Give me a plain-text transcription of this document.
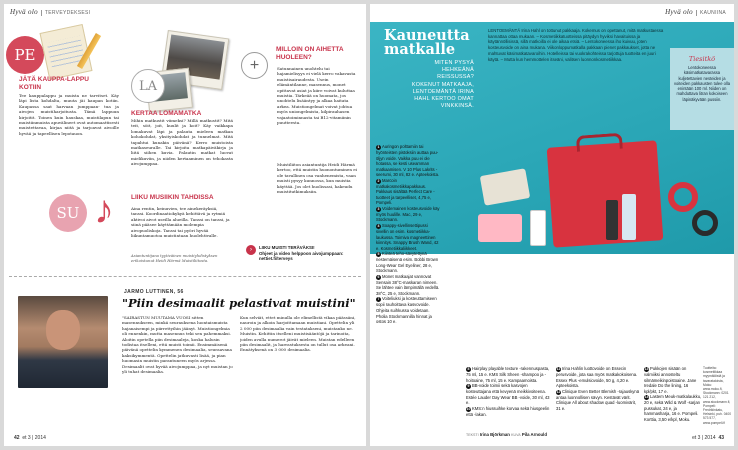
Hyvä olo TERVEYDEKSESI
PE
JÄTÄ KAUPPA-LAPPU KOTIIN
Tee kauppalappu ja muista ne tarvitset. Käy läpi lista kohdalta, muuta jäi kaupan kotiin. Kaupassa saat harvaan jumppaan- tua ja aivojen muistiharjoitusta. Tämä lappuun kirjoitit. Toinen kuin hauskaa, muistilapun tai muistiinmuista apuvälineet ovat automaattisesti muistettavaa, kirjaa niitä ja tarjoavat aivoille hyvää ja tapeellisen lepotauon.
LA
KERTAA LOMAMATKA
Mihin matkustit viimeksi? Millä matkustit? Mitä teit, söit, joit, kuulit ja koit? Käy vaikkapa lomakuvat läpi ja palauta mieleen matkan kohokohdat, yksityiskohdat ja tunnelmat. Mitä tapahtui kunakin päivänä? Kerro muistoista matkaseuralle. Tai kirjoita matkapäiväkirja ja liitä siihen kuvia. Palautin matkat luovat mielikuviin, ja niiden kertaaminen on tehokasta aivojumppaa.
+
MILLOIN ON AIHETTA HUOLEEN?
Satunnainen unohtelu tai hajamielisyys ei vielä kerro vakavasta muistisairaudesta. Usein elämäntilanne, masennus, monet opittavat asiat ja kiire voivat kuluttaa muistia. Tärkeää on huomata, jos unohtelu lisääntyy ja alkaa haitata arkea. Muistiongelmat voivat johtua myös uniongelmista, kilpirauhasen vajaatoiminnasta tai B12-vitamiinin puutteesta.
Muistiliiton asiantuntija Heidi Härmä kertoo, että muistin huonontuminen ei ole tavallinen osa vanhenemista, vaan muisti pysyy kunnossa, kun muistia käyttää. Jos olet huolissasi, hakeudu muistitutkimuksiin.
SU ♪	LIIKU MUSIIKIN TAHDISSA
Aina rentin, keinuvien, tee ainekeräyksiä, tanssi. Koordinaatiokykyä kehittävä ja rytmiä aktivoi aivot useilla alueilla. Tanssi on tanssi, ja siinä pääsee käyttämään molempia aivopuoliskoja. Tanssi tai pyöri hyvää liikuntamuotoa muistintaan huolehtivalle.
Asiantuntijana tyytiväinen muistiyhdistyksen erikoistunut Heidi Härmä Muistiliitosta.
›	LIIKU MUISTI TERÄVÄKSI!
Ohjeet ja video helppoon aivojumppaan: nettiet.fi/terveys
JARMO LUTTINEN, 56
"Piin desimaalit pelastivat muistini"
"SAIRASTUN MUUTAMA VUOSI sitten masennukseen, minkä seurauksena luontaismuista hajanaisempi ja piirrettyihin jäänyt. Muistiongelmia oli ennenkin, mutta masennus teki sen pahemmaksi. Aloitin opetella piin desimaaleja, koska halusin todistaa itselleni, että muisti toimii. Ensimmäisenä päivänä opettelin kymmenen desimaalia, seuraavana kaksikymmentä. Opettelin jatkuvasti lisää, ja pian huomasin muistin parantuneen myös arjessa. Desimaalit ovat hyvää aivojumppaa, ja nyt muistan jo yli tuhat desimaalia.
Kun selviät, ettet minulla ole elimellistä vikaa päässäni, nauroin ja alkoin harjoittamaan muistiani. Opettelin yli 2 000 piin desimaalia vain testatakseni, muistanko ne. Muistin. Kehittin itselleni muistisääntöjä ja tarinoita, joiden avulla numerot jäivät mieleen. Muistan edelleen piin desimaalit, ja harrastuksesta on tullut osa arkeani. Ennätyksenä on 3 000 desimaalia.
42 et 3 | 2014
Hyvä olo KAUNIINA
Kauneutta matkalle
MITEN PYSYÄ HEHKEÄNÄ REISSUSSA? KOKENUT MATKAAJA, LENTOEMÄNTÄ IRINA HAHL KERTOO OMAT VINKKINSÄ.
LENTOEMÄNTÄ Irina Hahl on tottunut pakkaaja. Kokemus on opettanut, mitä matkustaessa kannattaa ottaa mukaan. – Kosmetiikkatuotteissa pitäydyn hyviksi havaituissa ja käytännöllisissä, sillä matkoilla ei ole aikaa etsiä. – Lentokoneessa iho kuivuu, joten kosteusvoide on aina mukana. Viikonloppumatkalla pakkaan pienet pakkaukset, jotta ne mahtuvat käsimatkatavaroihin. Hotelleissa tai vuokrakohteissa tarjottuja tuotteita en juuri käytä. – Mutta kun hemmottelen itseäni, valitsen luonnonkosmetiikkaa.	Tiesitkö
Lentokoneessa käsimatkatavarassa kuljetettavien nesteiden ja voiteiden pakkausten tulee olla enintään 100 ml. Niiden on mahduttava litran kokoiseen läpinäkyvään pussiin.
1 Auringon polttamiin tai hyönteisten pistoksiin auttaa puu-öljyn voide. Vaikka puu ei ole hotassa, se kesti useamman matkaamisen. V 10 Plus Lakrits -seerumi, 30 ml, 82 e. Apteekoista.
2 Marcoin matkakosmetiikkapakkaus. Pakkaus sisältää Perfect Care -tuotteet ja tarpeelliset, 4,75 e, Pompeli.
3 Voidemainen kosteusvoide käy myös huulille. Mac, 29 e, Stockmann.
4 Soappy-sivellinsettipussi sivellin on esim. kosmetiikka-laukussa. Toimiva magneettinen kiinnitys. Snappy Brush Wand, 42 e. Kosmetiikkaliikkeet.
5 Kiinteä teho-sävytettynä nestemäisenä esim. Bobbi Brown Long-Wear Gel Eyeliner, 28 e, Stockmann.
6 Monet matkaajat vannovat Sensain 38°C-maskaran nimeen. Se lähtee vain lämpimällä vedellä. 38°C, 25 e, Stockmann.
7 Voiteliuksi ja kosteuttamiseen sopii rauhoittava kasvovoide. Ohjeita suihkussa voidetaan. Pholia Stockmannilla hinnat ja ostos 10 e.
8 Hairplay playable texture -rakennuspasta, 75 ml, 15 e. KMS Silk Sheen -shampoo ja -hoitoaine, 75 ml, 15 e. Kampaamoista.
9 BB-voide toimii sekä kasvojen kosteuttajana että kevyenä meikkivoiteena. Estée Lauder Day Wear BB -voide, 30 ml, 43 e.
10 KMS:n hiussuihke korvaa sekä hiusgeelin että -lakan.
11 Irina Hahlin luottovoide on Essecin perusvoide, jota saa myös matkakokoisena. Essex Plus -emulsiovoide, 50 g, 4,20 e. Apteekoista.
12 Clinique Even Better Blemish -rajauskynä antaa luonnollisen sävyn. Kestävät värit. Clinique All about shadow quad -luomivärit, 31 e.
13 Pukkojen sisään on valmiiksi annosteltu silmämeikinpoistoaine. Jane Iredale Do the lining, 16 kpl/pkt, 17 e.
14 Lastem Meuk-matkalaukku, 20 e, sekä Wild & Wolf -sarjan pussukat, 24 e, ja hammasharja, 16 e. Pompeli. Korttia, 3,50 e/kpl, Moku.
Tuotteita: kosmetiikkaa myymälöistä ja tavarataloista, Moku: www.moku.fi, Stockmann: 0201 121 212, www.stockmann.fi, Pompeli: Fredrikinkatu, Helsinki, puh. 0400 573 577, www.pompeli.fi
TEKSTI Irina Björkman KUVA Pila Arnould
et 3 | 2014 43
